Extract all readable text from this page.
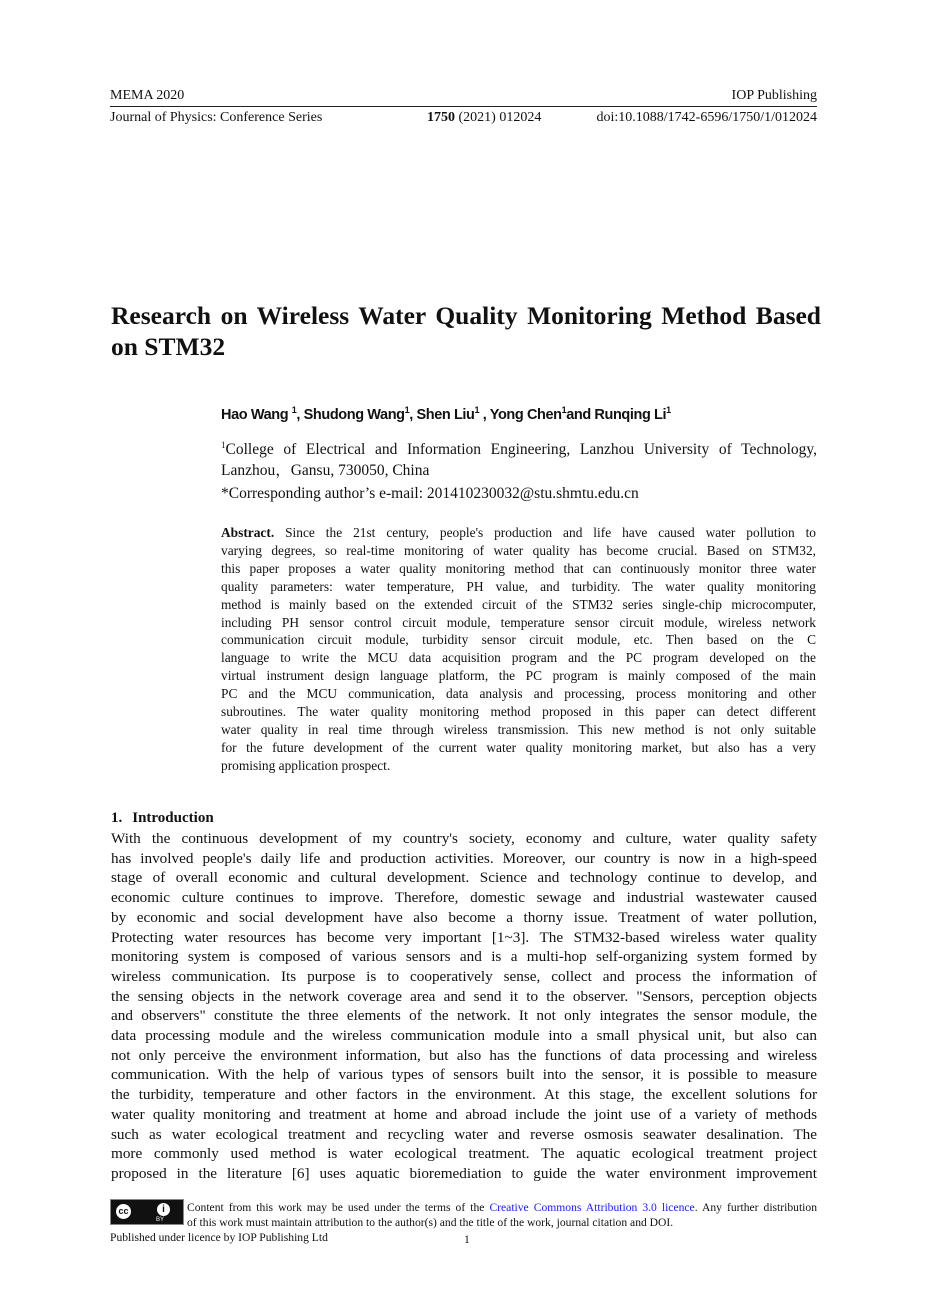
MEMA 2020	IOP Publishing
Journal of Physics: Conference Series	1750 (2021) 012024	doi:10.1088/1742-6596/1750/1/012024
Research on Wireless Water Quality Monitoring Method Based
on STM32
Hao Wang $^1$, Shudong Wang$^1$, Shen Liu$^1$ , Yong Chen$^1$and Runqing Li$^1$
$^1$College of Electrical and Information Engineering, Lanzhou University of Technology,
Lanzhou，Gansu, 730050, China
*Corresponding author’s e-mail: 201410230032@stu.shmtu.edu.cn
Abstract. Since the 21st century, people's production and life have caused water pollution to
varying degrees, so real-time monitoring of water quality has become crucial. Based on STM32,
this paper proposes a water quality monitoring method that can continuously monitor three water
quality parameters: water temperature, PH value, and turbidity. The water quality monitoring
method is mainly based on the extended circuit of the STM32 series single-chip microcomputer,
including PH sensor control circuit module, temperature sensor circuit module, wireless network
communication circuit module, turbidity sensor circuit module, etc. Then based on the C
language to write the MCU data acquisition program and the PC program developed on the
virtual instrument design language platform, the PC program is mainly composed of the main
PC and the MCU communication, data analysis and processing, process monitoring and other
subroutines. The water quality monitoring method proposed in this paper can detect different
water quality in real time through wireless transmission. This new method is not only suitable
for the future development of the current water quality monitoring market, but also has a very
promising application prospect.
1. Introduction
With the continuous development of my country's society, economy and culture, water quality safety
has involved people's daily life and production activities. Moreover, our country is now in a high-speed
stage of overall economic and cultural development. Science and technology continue to develop, and
economic culture continues to improve. Therefore, domestic sewage and industrial wastewater caused
by economic and social development have also become a thorny issue. Treatment of water pollution,
Protecting water resources has become very important [1~3]. The STM32-based wireless water quality
monitoring system is composed of various sensors and is a multi-hop self-organizing system formed by
wireless communication. Its purpose is to cooperatively sense, collect and process the information of
the sensing objects in the network coverage area and send it to the observer. "Sensors, perception objects
and observers" constitute the three elements of the network. It not only integrates the sensor module, the
data processing module and the wireless communication module into a small physical unit, but also can
not only perceive the environment information, but also has the functions of data processing and wireless
communication. With the help of various types of sensors built into the sensor, it is possible to measure
the turbidity, temperature and other factors in the environment. At this stage, the excellent solutions for
water quality monitoring and treatment at home and abroad include the joint use of a variety of methods
such as water ecological treatment and recycling water and reverse osmosis seawater desalination. The
more commonly used method is water ecological treatment. The aquatic ecological treatment project
proposed in the literature [6] uses aquatic bioremediation to guide the water environment improvement
cc	i
BY
Content from this work may be used under the terms of the Creative Commons Attribution 3.0 licence. Any further distribution
of this work must maintain attribution to the author(s) and the title of the work, journal citation and DOI.
Published under licence by IOP Publishing Ltd	1
